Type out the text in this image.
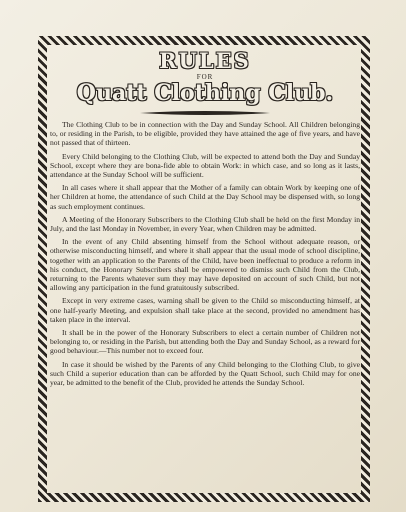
RULES
FOR
Quatt Clothing Club.

The Clothing Club to be in connection with the Day and Sunday School. All Children belonging to, or residing in the Parish, to be eligible, provided they have attained the age of five years, and have not passed that of thirteen.

Every Child belonging to the Clothing Club, will be expected to attend both the Day and Sunday School, except where they are bona-fide able to obtain Work: in which case, and so long as it lasts, attendance at the Sunday School will be sufficient.

In all cases where it shall appear that the Mother of a family can obtain Work by keeping one of her Children at home, the attendance of such Child at the Day School may be dispensed with, so long as such employment continues.

A Meeting of the Honorary Subscribers to the Clothing Club shall be held on the first Monday in July, and the last Monday in November, in every Year, when Children may be admitted.

In the event of any Child absenting himself from the School without adequate reason, or otherwise misconducting himself, and where it shall appear that the usual mode of school discipline, together with an application to the Parents of the Child, have been ineffectual to produce a reform in his conduct, the Honorary Subscribers shall be empowered to dismiss such Child from the Club, returning to the Parents whatever sum they may have deposited on account of such Child, but not allowing any participation in the fund gratuitously subscribed.

Except in very extreme cases, warning shall be given to the Child so misconducting himself, at one half-yearly Meeting, and expulsion shall take place at the second, provided no amendment has taken place in the interval.

It shall be in the power of the Honorary Subscribers to elect a certain number of Children not belonging to, or residing in the Parish, but attending both the Day and Sunday School, as a reward for good behaviour.—This number not to exceed four.

In case it should be wished by the Parents of any Child belonging to the Clothing Club, to give such Child a superior education than can be afforded by the Quatt School, such Child may for one year, be admitted to the benefit of the Club, provided he attends the Sunday School.
